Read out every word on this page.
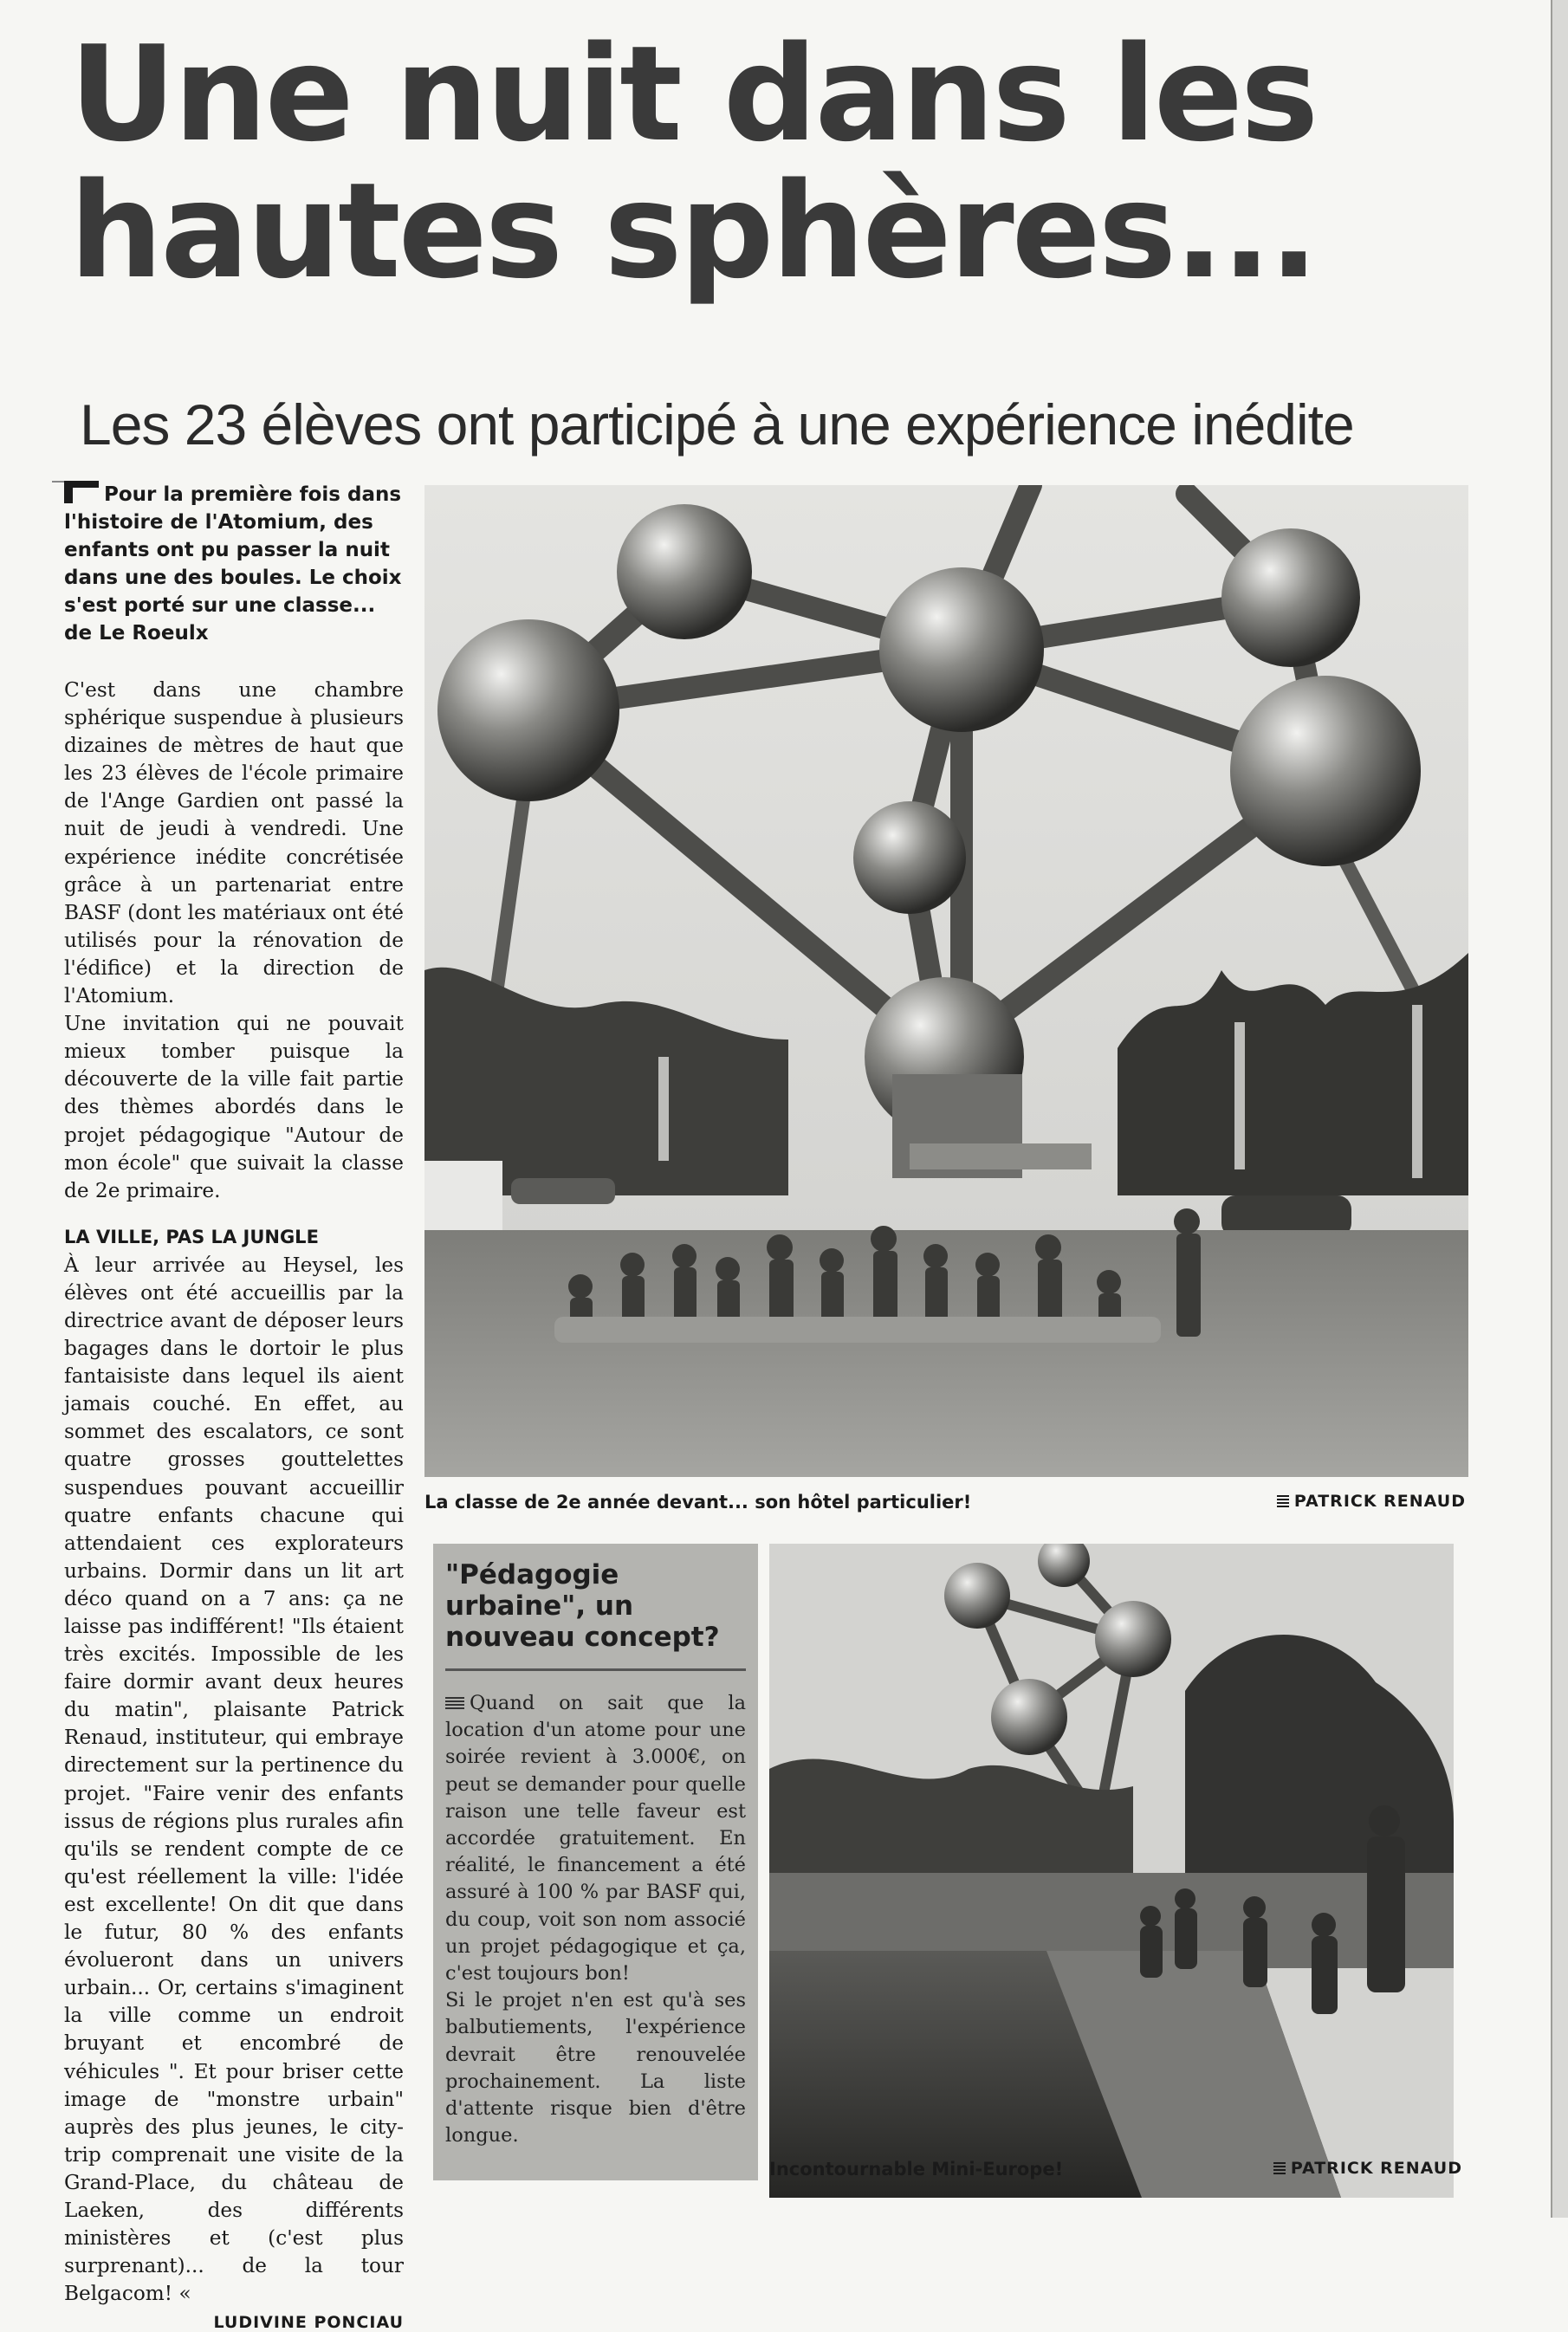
Une nuit dans les hautes sphères...
Les 23 élèves ont participé à une expérience inédite

Pour la première fois dans l'histoire de l'Atomium, des enfants ont pu passer la nuit dans une des boules. Le choix s'est porté sur une classe... de Le Roeulx

C'est dans une chambre sphérique suspendue à plusieurs dizaines de mètres de haut que les 23 élèves de l'école primaire de l'Ange Gardien ont passé la nuit de jeudi à vendredi. Une expérience inédite concrétisée grâce à un partenariat entre BASF (dont les matériaux ont été utilisés pour la rénovation de l'édifice) et la direction de l'Atomium.

Une invitation qui ne pouvait mieux tomber puisque la découverte de la ville fait partie des thèmes abordés dans le projet pédagogique "Autour de mon école" que suivait la classe de 2e primaire.

LA VILLE, PAS LA JUNGLE

À leur arrivée au Heysel, les élèves ont été accueillis par la directrice avant de déposer leurs bagages dans le dortoir le plus fantaisiste dans lequel ils aient jamais couché. En effet, au sommet des escalators, ce sont quatre grosses gouttelettes suspendues pouvant accueillir quatre enfants chacune qui attendaient ces explorateurs urbains. Dormir dans un lit art déco quand on a 7 ans: ça ne laisse pas indifférent! "Ils étaient très excités. Impossible de les faire dormir avant deux heures du matin", plaisante Patrick Renaud, instituteur, qui embraye directement sur la pertinence du projet. "Faire venir des enfants issus de régions plus rurales afin qu'ils se rendent compte de ce qu'est réellement la ville: l'idée est excellente! On dit que dans le futur, 80 % des enfants évolueront dans un univers urbain... Or, certains s'imaginent la ville comme un endroit bruyant et encombré de véhicules ". Et pour briser cette image de "monstre urbain" auprès des plus jeunes, le city-trip comprenait une visite de la Grand-Place, du château de Laeken, des différents ministères et (c'est plus surprenant)... de la tour Belgacom! «

LUDIVINE PONCIAU

La classe de 2e année devant... son hôtel particulier!	PATRICK RENAUD
"Pédagogie urbaine", un nouveau concept?

Quand on sait que la location d'un atome pour une soirée revient à 3.000€, on peut se demander pour quelle raison une telle faveur est accordée gratuitement. En réalité, le financement a été assuré à 100 % par BASF qui, du coup, voit son nom associé un projet pédagogique et ça, c'est toujours bon!

Si le projet n'en est qu'à ses balbutiements, l'expérience devrait être renouvelée prochainement. La liste d'attente risque bien d'être longue.

Incontournable Mini-Europe!	PATRICK RENAUD
